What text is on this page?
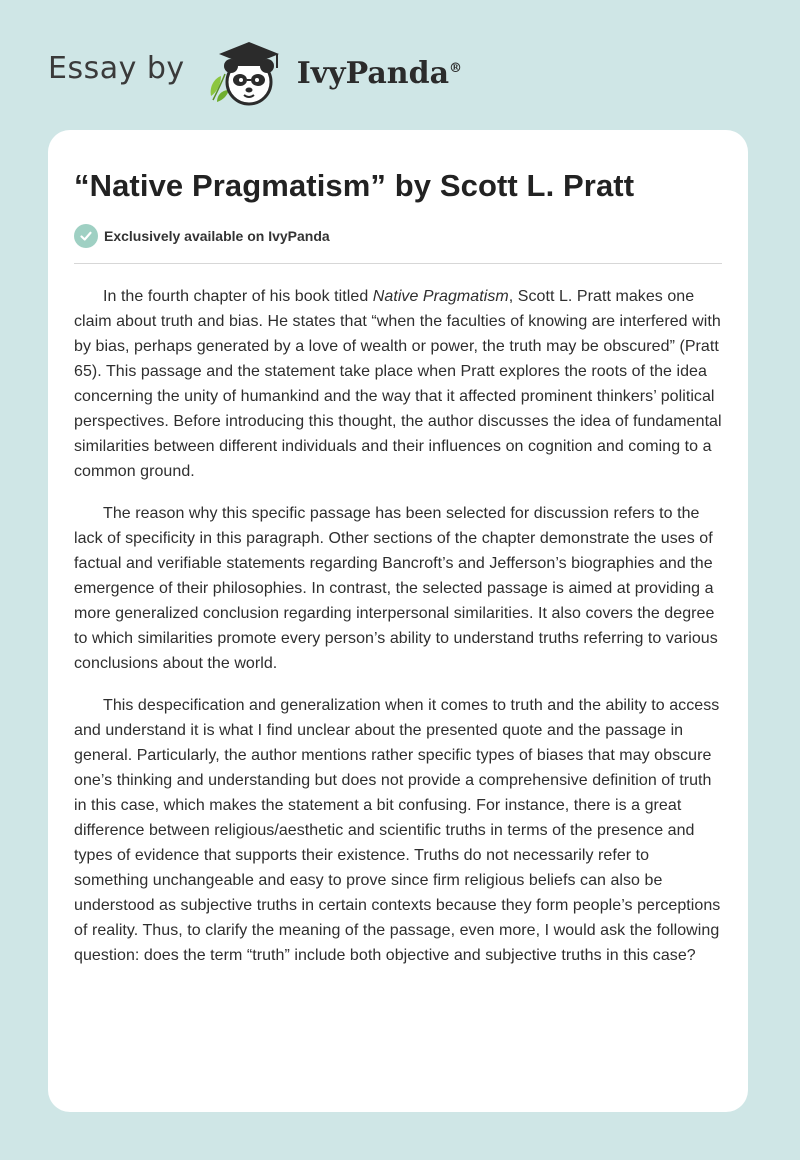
Essay by	IvyPanda®
“Native Pragmatism” by Scott L. Pratt
Exclusively available on IvyPanda

In the fourth chapter of his book titled Native Pragmatism, Scott L. Pratt makes one claim about truth and bias. He states that “when the faculties of knowing are interfered with by bias, perhaps generated by a love of wealth or power, the truth may be obscured” (Pratt 65). This passage and the statement take place when Pratt explores the roots of the idea concerning the unity of humankind and the way that it affected prominent thinkers’ political perspectives. Before introducing this thought, the author discusses the idea of fundamental similarities between different individuals and their influences on cognition and coming to a common ground.

The reason why this specific passage has been selected for discussion refers to the lack of specificity in this paragraph. Other sections of the chapter demonstrate the uses of factual and verifiable statements regarding Bancroft’s and Jefferson’s biographies and the emergence of their philosophies. In contrast, the selected passage is aimed at providing a more generalized conclusion regarding interpersonal similarities. It also covers the degree to which similarities promote every person’s ability to understand truths referring to various conclusions about the world.

This despecification and generalization when it comes to truth and the ability to access and understand it is what I find unclear about the presented quote and the passage in general. Particularly, the author mentions rather specific types of biases that may obscure one’s thinking and understanding but does not provide a comprehensive definition of truth in this case, which makes the statement a bit confusing. For instance, there is a great difference between religious/aesthetic and scientific truths in terms of the presence and types of evidence that supports their existence. Truths do not necessarily refer to something unchangeable and easy to prove since firm religious beliefs can also be understood as subjective truths in certain contexts because they form people’s perceptions of reality. Thus, to clarify the meaning of the passage, even more, I would ask the following question: does the term “truth” include both objective and subjective truths in this case?
